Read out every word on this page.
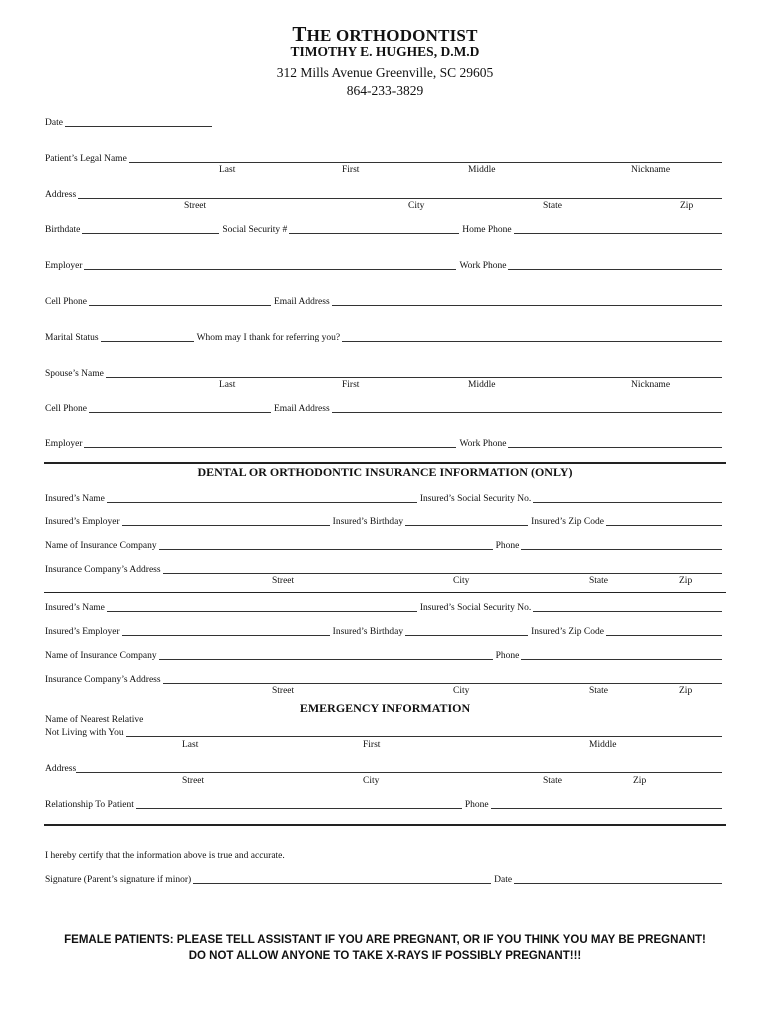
THE ORTHODONTIST
TIMOTHY E. HUGHES, D.M.D
312 Mills Avenue Greenville, SC 29605
864-233-3829
Date
Patient’s Legal Name
Last	First	Middle	Nickname
Address
Street	City	State	Zip
Birthdate	Social Security #	Home Phone
Employer	Work Phone
Cell Phone	Email Address
Marital Status	Whom may I thank for referring you?
Spouse’s Name
Last	First	Middle	Nickname
Cell Phone	Email Address
Employer	Work Phone
DENTAL OR ORTHODONTIC INSURANCE INFORMATION (ONLY)
Insured’s Name	Insured’s Social Security No.
Insured’s Employer	Insured’s Birthday	Insured’s Zip Code
Name of Insurance Company	Phone
Insurance Company’s Address
Street	City	State	Zip
Insured’s Name	Insured’s Social Security No.
Insured’s Employer	Insured’s Birthday	Insured’s Zip Code
Name of Insurance Company	Phone
Insurance Company’s Address
Street	City	State	Zip
EMERGENCY INFORMATION
Name of Nearest Relative
Not Living with You
Last	First	Middle
Address
Street	City	State	Zip
Relationship To Patient	Phone
I hereby certify that the information above is true and accurate.
Signature (Parent’s signature if minor)	Date
FEMALE PATIENTS: PLEASE TELL ASSISTANT IF YOU ARE PREGNANT, OR IF YOU THINK YOU MAY BE PREGNANT!
DO NOT ALLOW ANYONE TO TAKE X-RAYS IF POSSIBLY PREGNANT!!!
